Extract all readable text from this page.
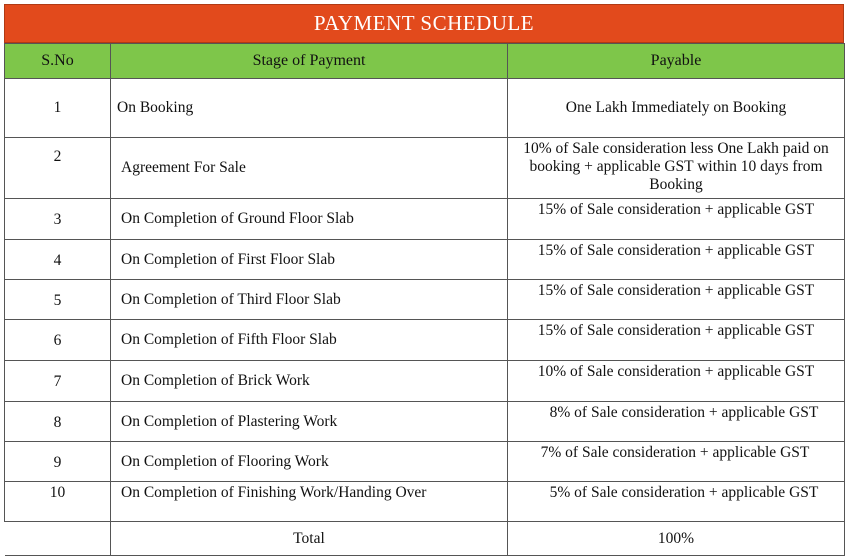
PAYMENT SCHEDULE
S.No	Stage of Payment	Payable
1	On Booking	One Lakh Immediately on Booking
2	Agreement For Sale	10% of Sale consideration less One Lakh paid on booking + applicable GST within 10 days from Booking
3	On Completion of Ground Floor Slab	15% of Sale consideration + applicable GST
4	On Completion of First Floor Slab	15% of Sale consideration + applicable GST
5	On Completion of Third Floor Slab	15% of Sale consideration + applicable GST
6	On Completion of Fifth Floor Slab	15% of Sale consideration + applicable GST
7	On Completion of Brick Work	10% of Sale consideration + applicable GST
8	On Completion of Plastering Work	8% of Sale consideration + applicable GST
9	On Completion of Flooring Work	7% of Sale consideration + applicable GST
10	On Completion of Finishing Work/Handing Over	5% of Sale consideration + applicable GST
	Total	100%
